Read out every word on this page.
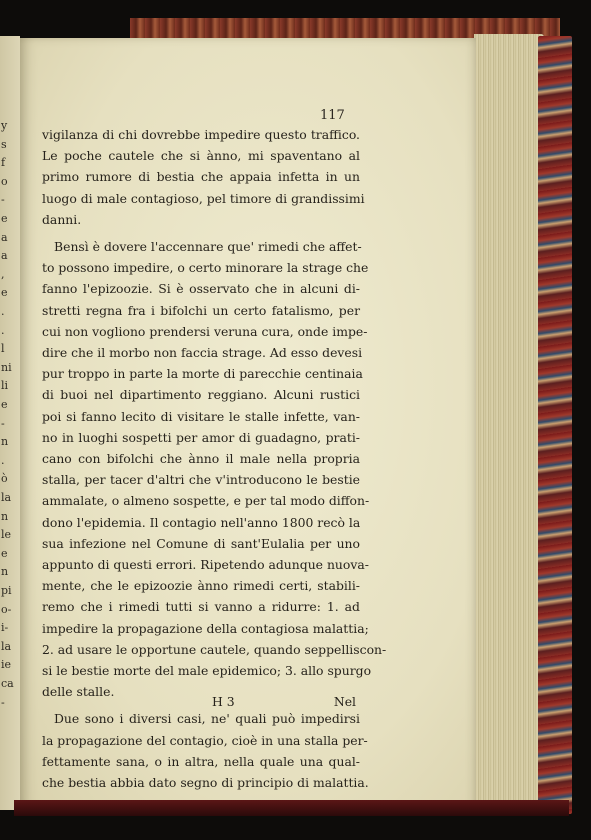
y
s
f
o
-
e
a
a
,
e
.
.
l
ni
li
e
-
n
.
ò
la
n
le
e
n
pi
o-
i-
la
ie
ca
-
117
vigilanza di chi dovrebbe impedire questo traffico.
Le poche cautele che si ànno, mi spaventano al
primo rumore di bestia che appaia infetta in un
luogo di male contagioso, pel timore di grandissimi
danni.
Bensì è dovere l'accennare que' rimedi che affet-
to possono impedire, o certo minorare la strage che
fanno l'epizoozie. Si è osservato che in alcuni di-
stretti regna fra i bifolchi un certo fatalismo, per
cui non vogliono prendersi veruna cura, onde impe-
dire che il morbo non faccia strage. Ad esso devesi
pur troppo in parte la morte di parecchie centinaia
di buoi nel dipartimento reggiano. Alcuni rustici
poi si fanno lecito di visitare le stalle infette, van-
no in luoghi sospetti per amor di guadagno, prati-
cano con bifolchi che ànno il male nella propria
stalla, per tacer d'altri che v'introducono le bestie
ammalate, o almeno sospette, e per tal modo diffon-
dono l'epidemia. Il contagio nell'anno 1800 recò la
sua infezione nel Comune di sant'Eulalia per uno
appunto di questi errori. Ripetendo adunque nuova-
mente, che le epizoozie ànno rimedi certi, stabili-
remo che i rimedi tutti si vanno a ridurre: 1. ad
impedire la propagazione della contagiosa malattia;
2. ad usare le opportune cautele, quando seppelliscon-
si le bestie morte del male epidemico; 3. allo spurgo
delle stalle.
Due sono i diversi casi, ne' quali può impedirsi
la propagazione del contagio, cioè in una stalla per-
fettamente sana, o in altra, nella quale una qual-
che bestia abbia dato segno di principio di malattia.
H 3	Nel
